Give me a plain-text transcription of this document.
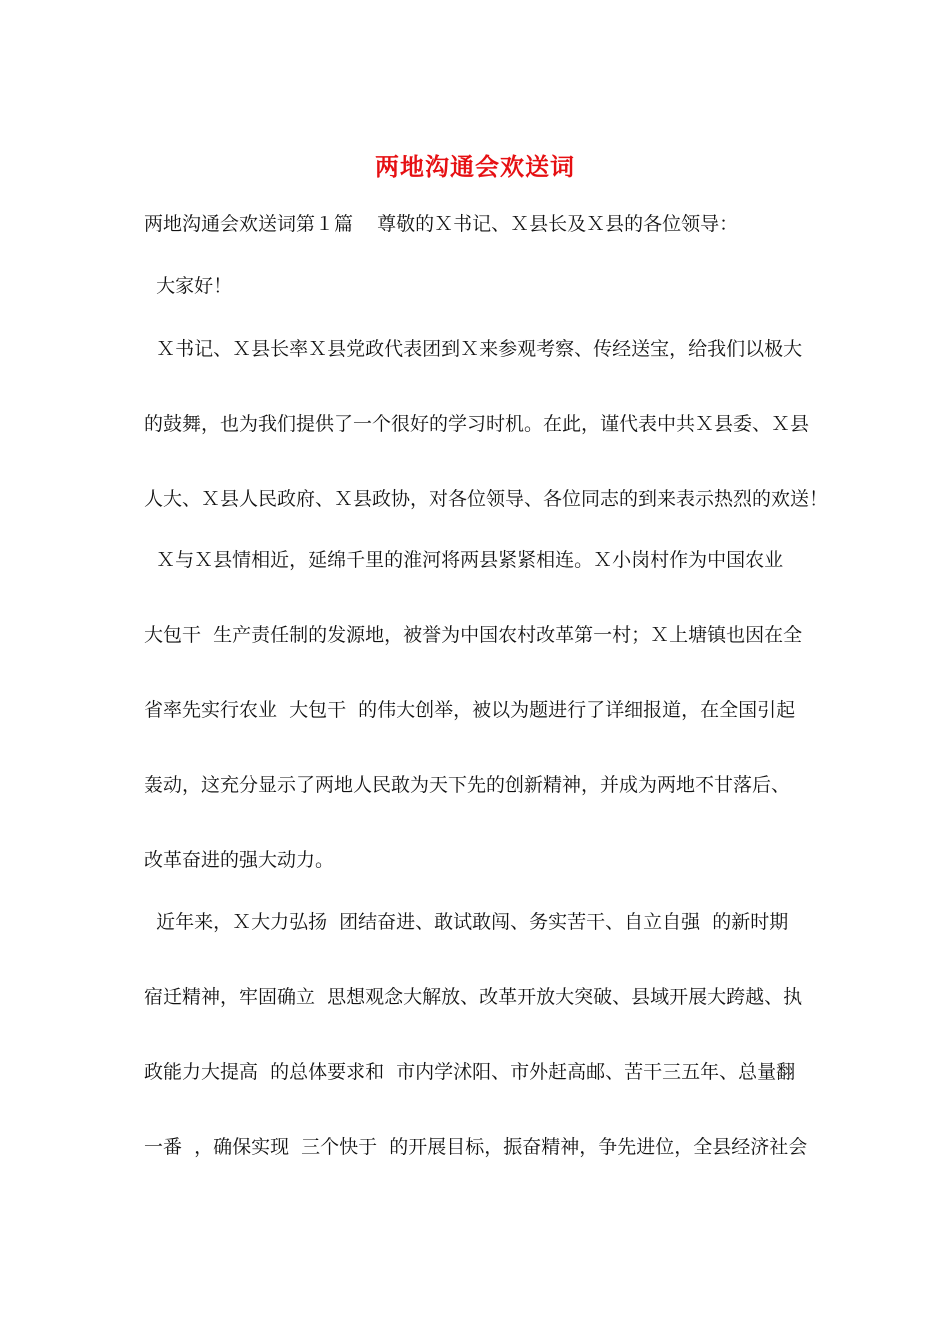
两地沟通会欢送词
两地沟通会欢送词第１篇    尊敬的Ｘ书记、Ｘ县长及Ｘ县的各位领导：
大家好！
Ｘ书记、Ｘ县长率Ｘ县党政代表团到Ｘ来参观考察、传经送宝，给我们以极大
的鼓舞，也为我们提供了一个很好的学习时机。在此，谨代表中共Ｘ县委、Ｘ县
人大、Ｘ县人民政府、Ｘ县政协，对各位领导、各位同志的到来表示热烈的欢送！
Ｘ与Ｘ县情相近，延绵千里的淮河将两县紧紧相连。Ｘ小岗村作为中国农业
大包干  生产责任制的发源地，被誉为中国农村改革第一村；Ｘ上塘镇也因在全
省率先实行农业  大包干  的伟大创举，被以为题进行了详细报道，在全国引起
轰动，这充分显示了两地人民敢为天下先的创新精神，并成为两地不甘落后、
改革奋进的强大动力。
近年来，Ｘ大力弘扬  团结奋进、敢试敢闯、务实苦干、自立自强  的新时期
宿迁精神，牢固确立  思想观念大解放、改革开放大突破、县域开展大跨越、执
政能力大提高  的总体要求和  市内学沭阳、市外赶高邮、苦干三五年、总量翻
一番  ，确保实现  三个快于  的开展目标，振奋精神，争先进位，全县经济社会
